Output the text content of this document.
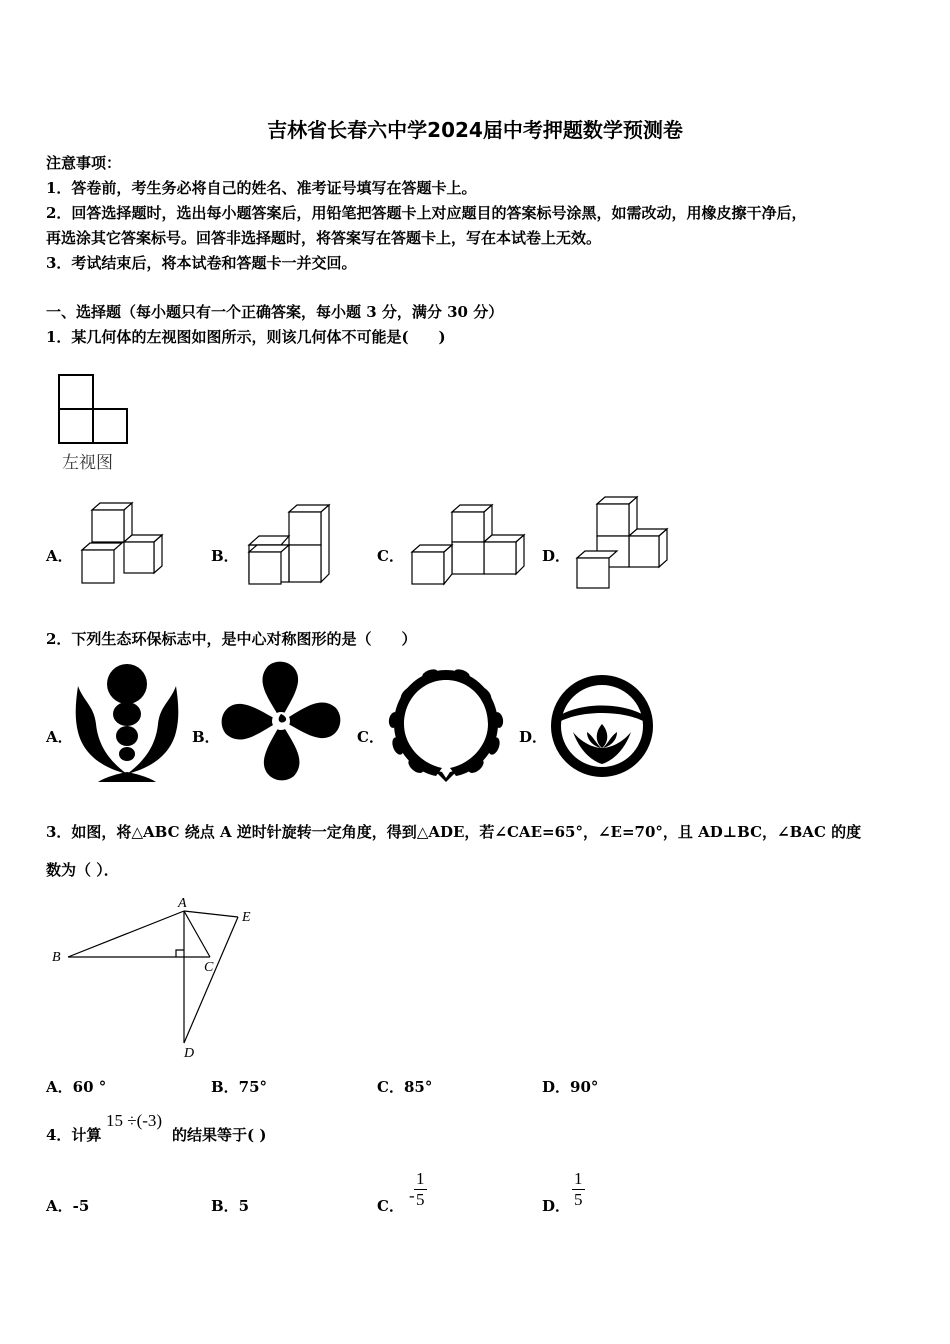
吉林省长春六中学2024届中考押题数学预测卷
注意事项：
1．答卷前，考生务必将自己的姓名、准考证号填写在答题卡上。
2．回答选择题时，选出每小题答案后，用铅笔把答题卡上对应题目的答案标号涂黑，如需改动，用橡皮擦干净后，
再选涂其它答案标号。回答非选择题时，将答案写在答题卡上，写在本试卷上无效。
3．考试结束后，将本试卷和答题卡一并交回。
一、选择题（每小题只有一个正确答案，每小题 3 分，满分 30 分）
1．某几何体的左视图如图所示，则该几何体不可能是(　　)
左视图
A．	B．	C．	D．
2．下列生态环保标志中，是中心对称图形的是（　　）
A．	B．	C．	D．
3．如图，将△ABC 绕点 A 逆时针旋转一定角度，得到△ADE，若∠CAE=65°，∠E=70°，且 AD⊥BC，∠BAC 的度
数为（ ）．
A
B
C
D
E
A．60 °	B．75°	C．85°	D．90°
4．计算
15 ÷(-3)
的结果等于( )
A．-5	B．5	C．
- $\frac{1}{5}$	D． $\frac{1}{5}$
